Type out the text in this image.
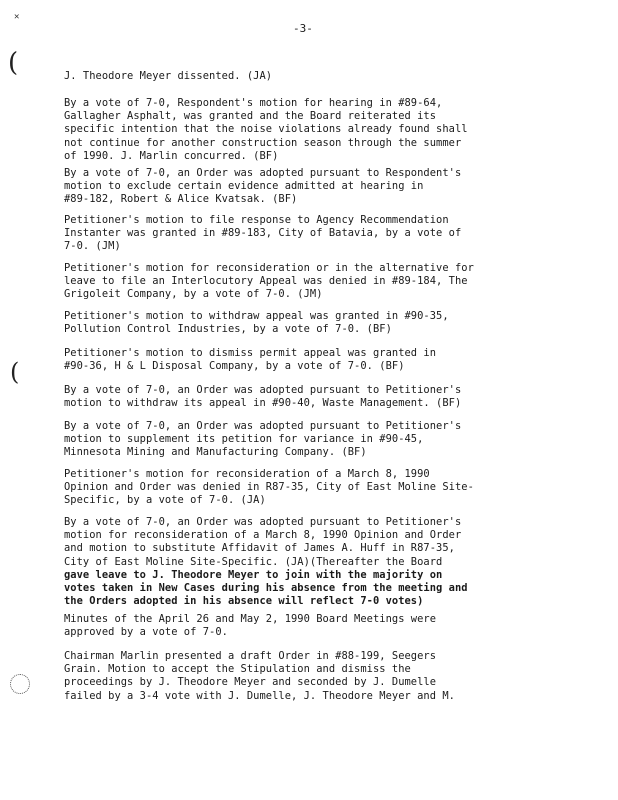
✕
(
(
-3-
J. Theodore Meyer dissented. (JA)
By a vote of 7-0, Respondent's motion for hearing in #89-64,
Gallagher Asphalt, was granted and the Board reiterated its
specific intention that the noise violations already found shall
not continue for another construction season through the summer
of 1990. J. Marlin concurred. (BF)
By a vote of 7-0, an Order was adopted pursuant to Respondent's
motion to exclude certain evidence admitted at hearing in
#89-182, Robert & Alice Kvatsak. (BF)
Petitioner's motion to file response to Agency Recommendation
Instanter was granted in #89-183, City of Batavia, by a vote of
7-0. (JM)
Petitioner's motion for reconsideration or in the alternative for
leave to file an Interlocutory Appeal was denied in #89-184, The
Grigoleit Company, by a vote of 7-0. (JM)
Petitioner's motion to withdraw appeal was granted in #90-35,
Pollution Control Industries, by a vote of 7-0. (BF)
Petitioner's motion to dismiss permit appeal was granted in
#90-36, H & L Disposal Company, by a vote of 7-0. (BF)
By a vote of 7-0, an Order was adopted pursuant to Petitioner's
motion to withdraw its appeal in #90-40, Waste Management. (BF)
By a vote of 7-0, an Order was adopted pursuant to Petitioner's
motion to supplement its petition for variance in #90-45,
Minnesota Mining and Manufacturing Company. (BF)
Petitioner's motion for reconsideration of a March 8, 1990
Opinion and Order was denied in R87-35, City of East Moline Site-
Specific, by a vote of 7-0. (JA)
By a vote of 7-0, an Order was adopted pursuant to Petitioner's
motion for reconsideration of a March 8, 1990 Opinion and Order
and motion to substitute Affidavit of James A. Huff in R87-35,
City of East Moline Site-Specific. (JA)(Thereafter the Board
gave leave to J. Theodore Meyer to join with the majority on
votes taken in New Cases during his absence from the meeting and
the Orders adopted in his absence will reflect 7-0 votes)
Minutes of the April 26 and May 2, 1990 Board Meetings were
approved by a vote of 7-0.
Chairman Marlin presented a draft Order in #88-199, Seegers
Grain. Motion to accept the Stipulation and dismiss the
proceedings by J. Theodore Meyer and seconded by J. Dumelle
failed by a 3-4 vote with J. Dumelle, J. Theodore Meyer and M.
